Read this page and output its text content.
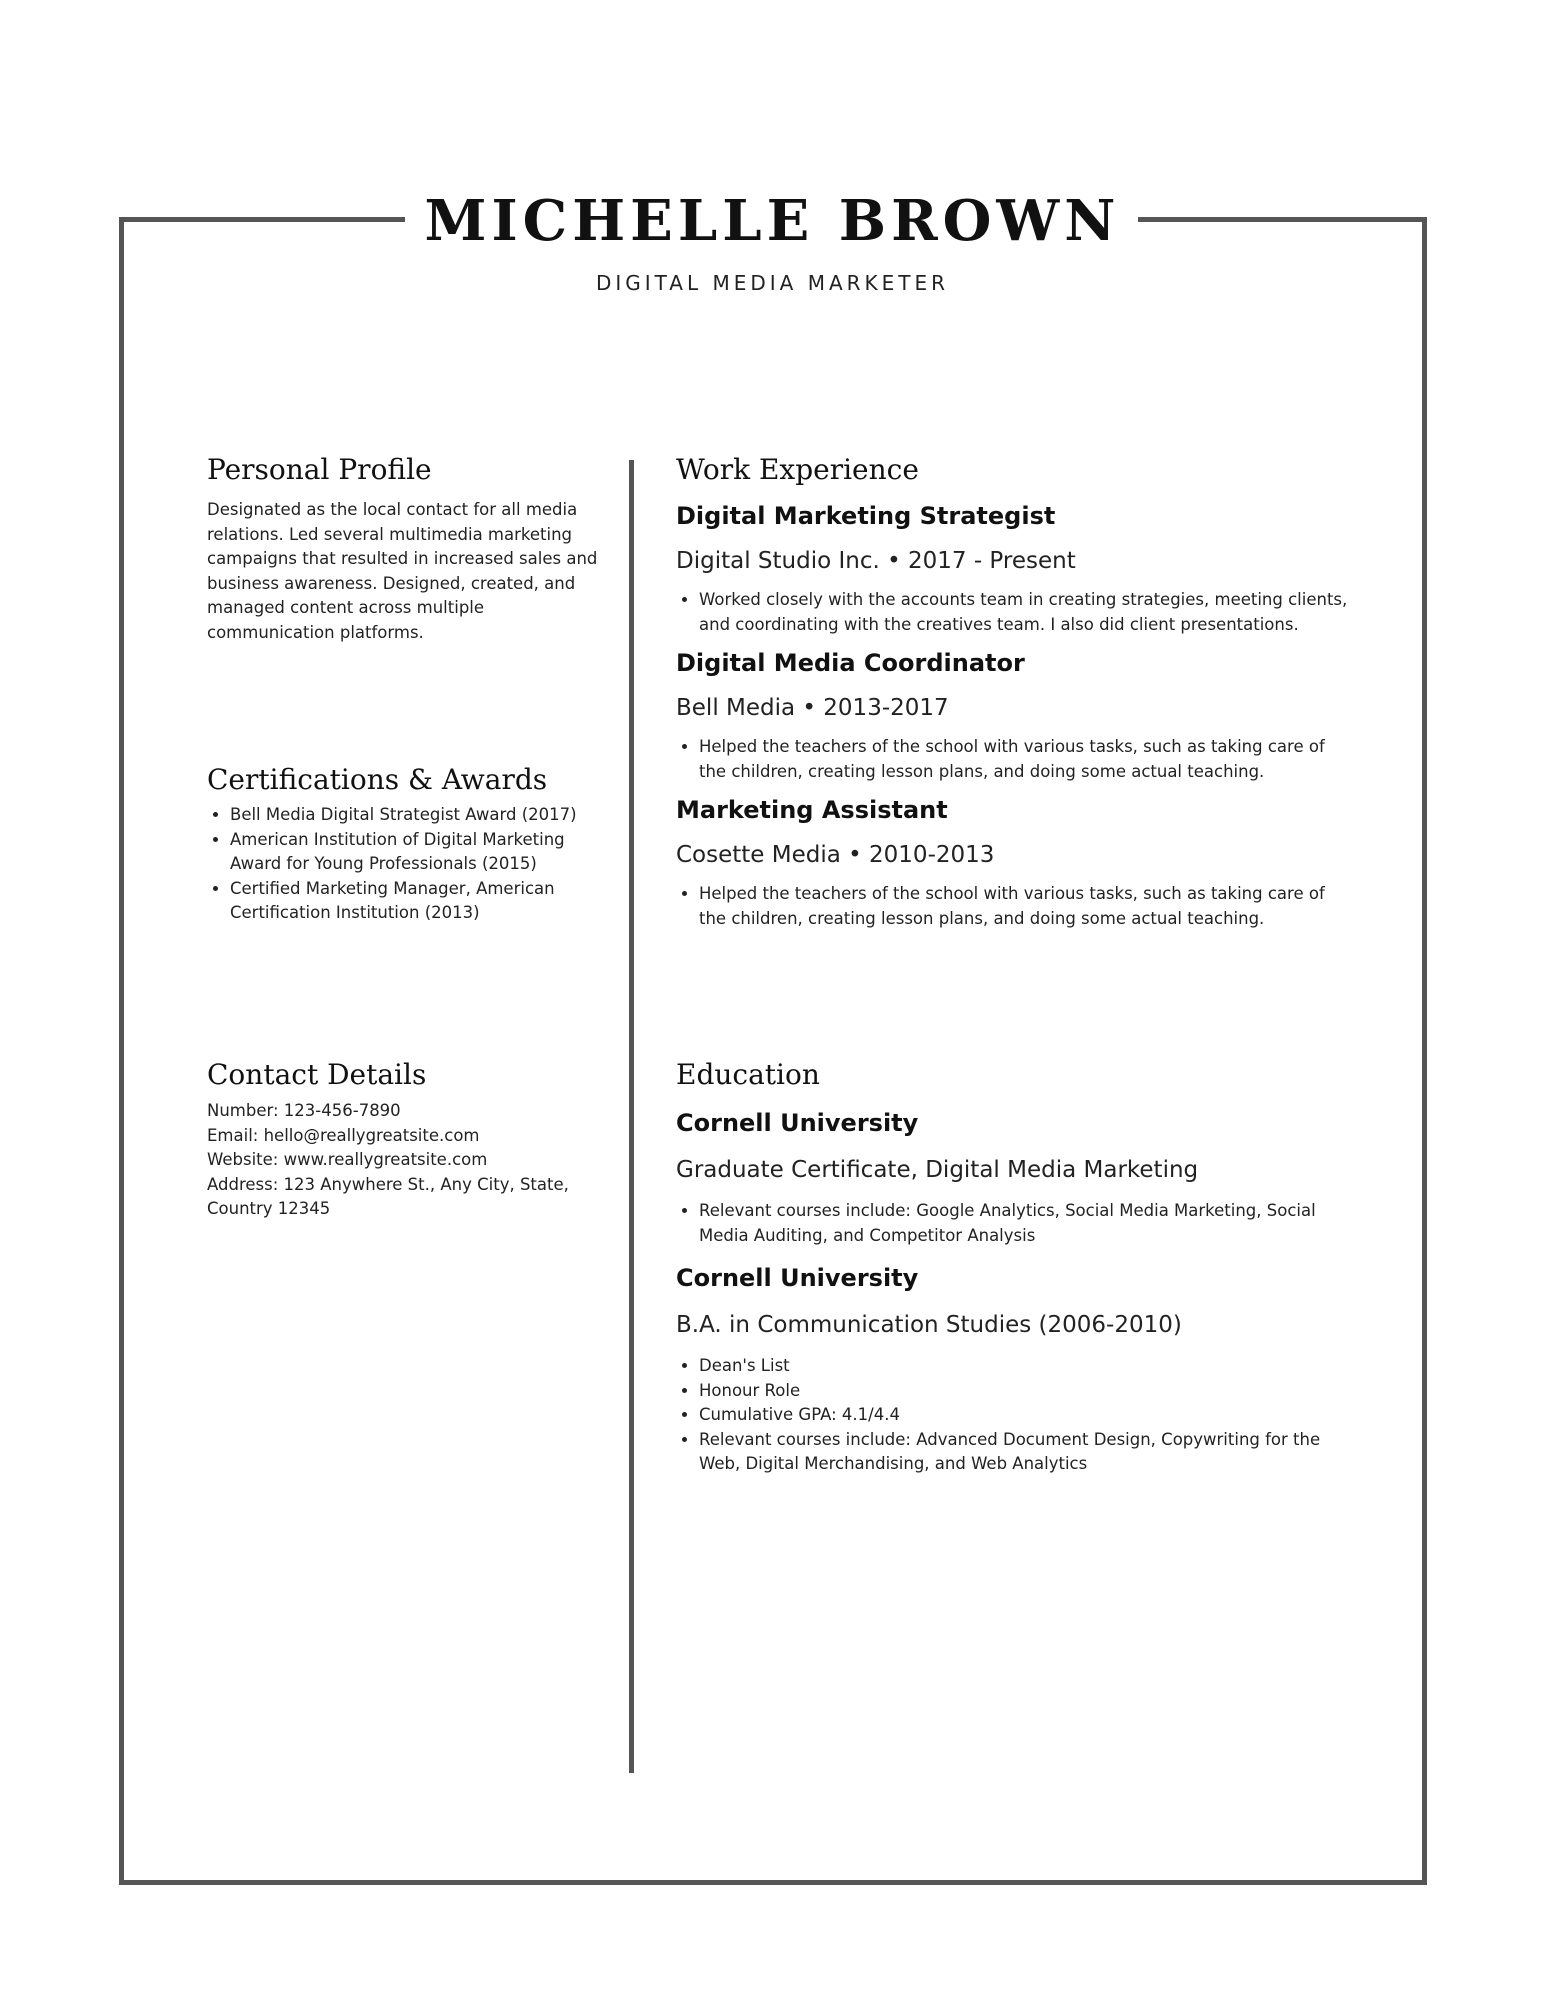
MICHELLE BROWN

DIGITAL MEDIA MARKETER

Personal Profile

Designated as the local contact for all media relations. Led several multimedia marketing campaigns that resulted in increased sales and business awareness. Designed, created, and managed content across multiple communication platforms.

Certifications & Awards
• Bell Media Digital Strategist Award (2017)
• American Institution of Digital Marketing Award for Young Professionals (2015)
• Certified Marketing Manager, American Certification Institution (2013)
Contact Details

Number: 123-456-7890

Email: hello@reallygreatsite.com

Website: www.reallygreatsite.com

Address: 123 Anywhere St., Any City, State, Country 12345

Work Experience

Digital Marketing Strategist

Digital Studio Inc. • 2017 - Present

• Worked closely with the accounts team in creating strategies, meeting clients, and coordinating with the creatives team. I also did client presentations.

Digital Media Coordinator

Bell Media • 2013-2017

• Helped the teachers of the school with various tasks, such as taking care of the children, creating lesson plans, and doing some actual teaching.

Marketing Assistant

Cosette Media • 2010-2013

• Helped the teachers of the school with various tasks, such as taking care of the children, creating lesson plans, and doing some actual teaching.
Education

Cornell University

Graduate Certificate, Digital Media Marketing

• Relevant courses include: Google Analytics, Social Media Marketing, Social Media Auditing, and Competitor Analysis

Cornell University

B.A. in Communication Studies (2006-2010)

• Dean's List
• Honour Role
• Cumulative GPA: 4.1/4.4
• Relevant courses include: Advanced Document Design, Copywriting for the Web, Digital Merchandising, and Web Analytics
